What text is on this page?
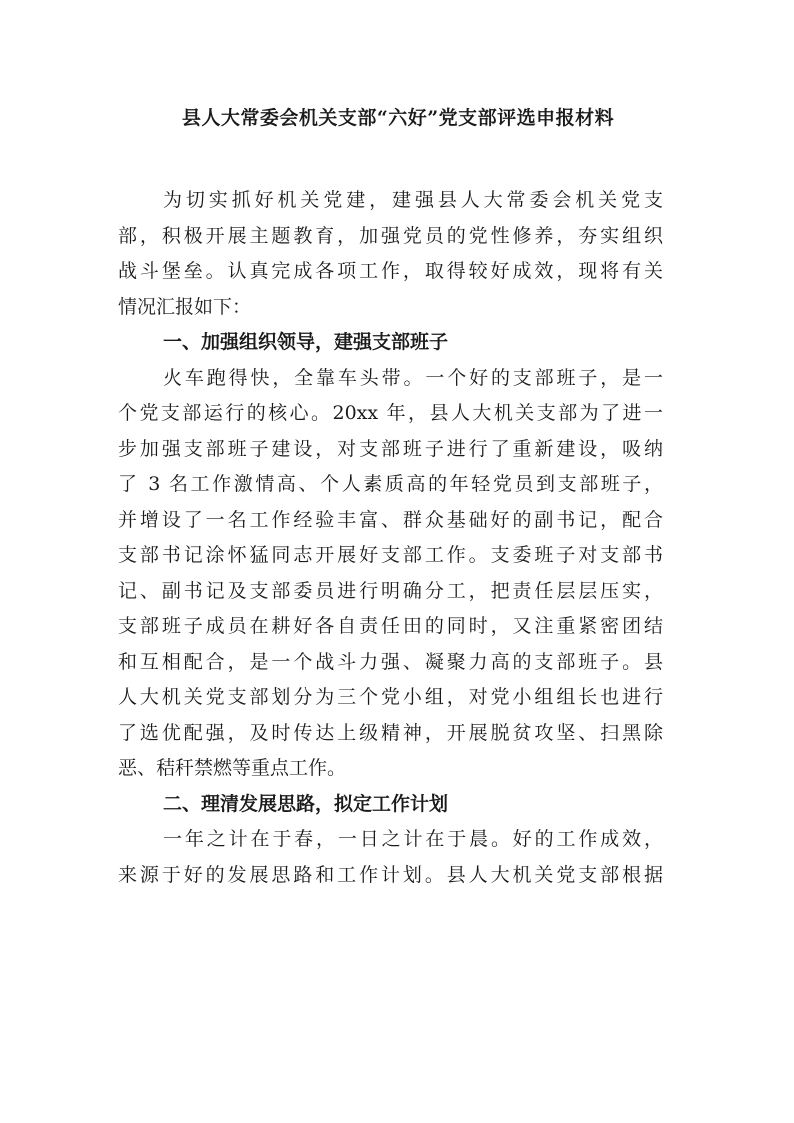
县人大常委会机关支部“六好”党支部评选申报材料
为切实抓好机关党建，建强县人大常委会机关党支
部，积极开展主题教育，加强党员的党性修养，夯实组织
战斗堡垒。认真完成各项工作，取得较好成效，现将有关
情况汇报如下：
一、加强组织领导，建强支部班子
火车跑得快，全靠车头带。一个好的支部班子，是一
个党支部运行的核心。20xx 年，县人大机关支部为了进一
步加强支部班子建设，对支部班子进行了重新建设，吸纳
了 3 名工作激情高、个人素质高的年轻党员到支部班子，
并增设了一名工作经验丰富、群众基础好的副书记，配合
支部书记涂怀猛同志开展好支部工作。支委班子对支部书
记、副书记及支部委员进行明确分工，把责任层层压实，
支部班子成员在耕好各自责任田的同时，又注重紧密团结
和互相配合，是一个战斗力强、凝聚力高的支部班子。县
人大机关党支部划分为三个党小组，对党小组组长也进行
了选优配强，及时传达上级精神，开展脱贫攻坚、扫黑除
恶、秸秆禁燃等重点工作。
二、理清发展思路，拟定工作计划
一年之计在于春，一日之计在于晨。好的工作成效，
来源于好的发展思路和工作计划。县人大机关党支部根据
